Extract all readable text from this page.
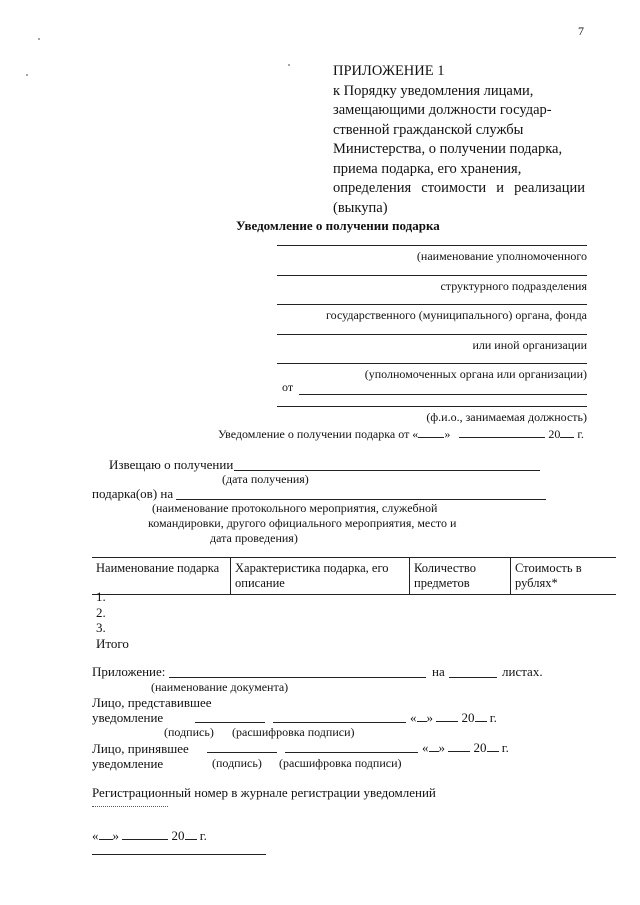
7
ПРИЛОЖЕНИЕ 1
к Порядку уведомления лицами,
замещающими должности государ-
ственной гражданской службы
Министерства, о получении подарка,
приема подарка, его хранения,
определения стоимости и реализации
(выкупа)
Уведомление о получении подарка
(наименование уполномоченного
структурного подразделения
государственного (муниципального) органа, фонда
или иной организации
(уполномоченных органа или организации)
от
(ф.и.о., занимаемая должность)
Уведомление о получении подарка от « »	20 г.
Извещаю о получении
(дата получения)
подарка(ов) на
(наименование протокольного мероприятия, служебной
командировки, другого официального мероприятия, место и
дата проведения)
Наименование подарка	Характеристика подарка, его описание	Количество предметов	Стоимость в рублях*
1.
2.
3.
Итого
Приложение:	на	листах.
(наименование документа)
Лицо, представившее
уведомление	« » 20 г.
(подпись) (расшифровка подписи)
Лицо, принявшее
уведомление
« » 20 г.
(подпись) (расшифровка подписи)
Регистрационный номер в журнале регистрации уведомлений
« »	20 г.
